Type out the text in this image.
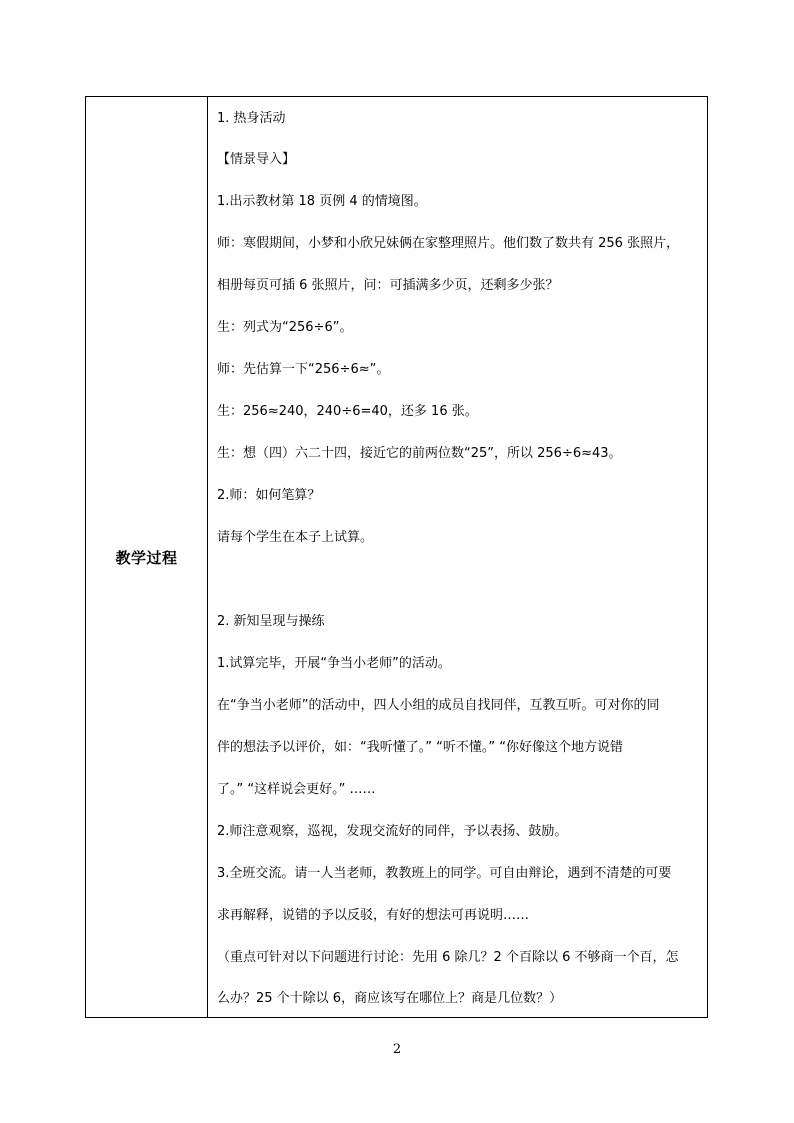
教学过程
1. 热身活动
【情景导入】
1.出示教材第 18 页例 4 的情境图。
师：寒假期间，小梦和小欣兄妹俩在家整理照片。他们数了数共有 256 张照片，
相册每页可插 6 张照片，问：可插满多少页，还剩多少张？
生：列式为“256÷6”。
师：先估算一下“256÷6≈”。
生：256≈240，240÷6=40，还多 16 张。
生：想（四）六二十四，接近它的前两位数“25”，所以 256÷6≈43。
2.师：如何笔算？
请每个学生在本子上试算。
2. 新知呈现与操练
1.试算完毕，开展“争当小老师”的活动。
在“争当小老师”的活动中，四人小组的成员自找同伴，互教互听。可对你的同
伴的想法予以评价，如：“我听懂了。” “听不懂。” “你好像这个地方说错
了。” “这样说会更好。” ……
2.师注意观察，巡视，发现交流好的同伴，予以表扬、鼓励。
3.全班交流。请一人当老师，教教班上的同学。可自由辩论，遇到不清楚的可要
求再解释，说错的予以反驳，有好的想法可再说明……
（重点可针对以下问题进行讨论：先用 6 除几？2 个百除以 6 不够商一个百，怎
么办？25 个十除以 6，商应该写在哪位上？商是几位数？）
2
